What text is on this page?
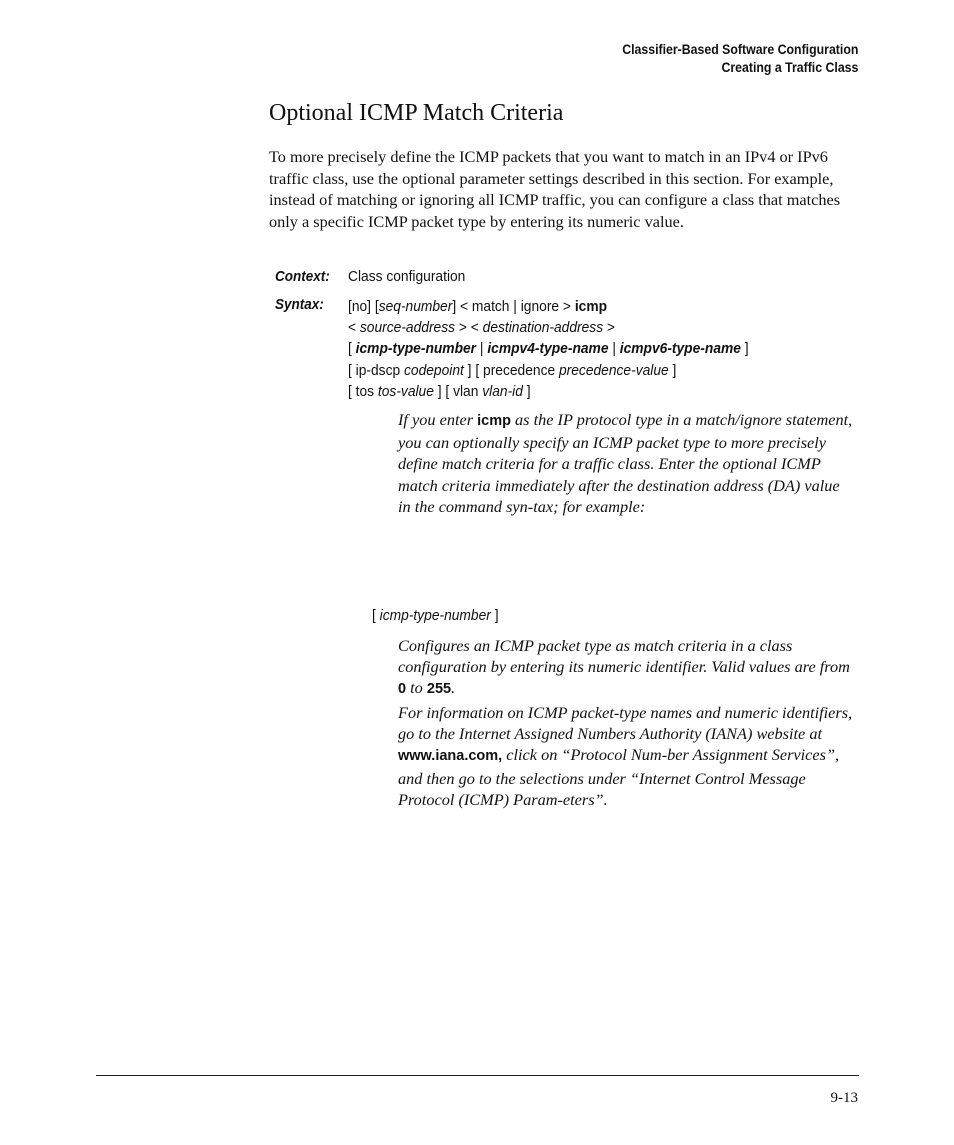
Classifier-Based Software Configuration
Creating a Traffic Class
Optional ICMP Match Criteria

To more precisely define the ICMP packets that you want to match in an IPv4 or IPv6 traffic class, use the optional parameter settings described in this section. For example, instead of matching or ignoring all ICMP traffic, you can configure a class that matches only a specific ICMP packet type by entering its numeric value.

Context: Class configuration
Syntax: [no] [seq-number] < match | ignore > icmp
< source-address > < destination-address >
[ icmp-type-number | icmpv4-type-name | icmpv6-type-name ]
[ ip-dscp codepoint ] [ precedence precedence-value ]
[ tos tos-value ] [ vlan vlan-id ]

If you enter icmp as the IP protocol type in a match/ignore statement, you can optionally specify an ICMP packet type to more precisely define match criteria for a traffic class. Enter the optional ICMP match criteria immediately after the destination address (DA) value in the command syn-tax; for example:

[ icmp-type-number ]

Configures an ICMP packet type as match criteria in a class configuration by entering its numeric identifier. Valid values are from 0 to 255.

For information on ICMP packet-type names and numeric identifiers, go to the Internet Assigned Numbers Authority (IANA) website at www.iana.com, click on “Protocol Num-ber Assignment Services”, and then go to the selections under “Internet Control Message Protocol (ICMP) Param-eters”.

9-13
